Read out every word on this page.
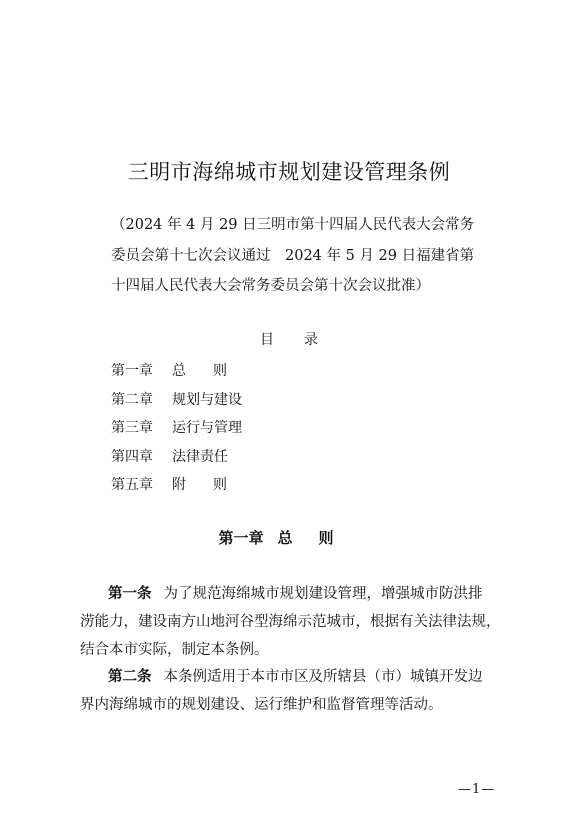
三明市海绵城市规划建设管理条例
（2024 年 4 月 29 日三明市第十四届人民代表大会常务
委员会第十七次会议通过　2024 年 5 月 29 日福建省第
十四届人民代表大会常务委员会第十次会议批准）
目录
第一章	总则
第二章	规划与建设
第三章	运行与管理
第四章	法律责任
第五章	附则
第一章 总则
第一条 为了规范海绵城市规划建设管理，增强城市防洪排
涝能力，建设南方山地河谷型海绵示范城市，根据有关法律法规，
结合本市实际，制定本条例。
第二条 本条例适用于本市市区及所辖县（市）城镇开发边
界内海绵城市的规划建设、运行维护和监督管理等活动。
—1—
